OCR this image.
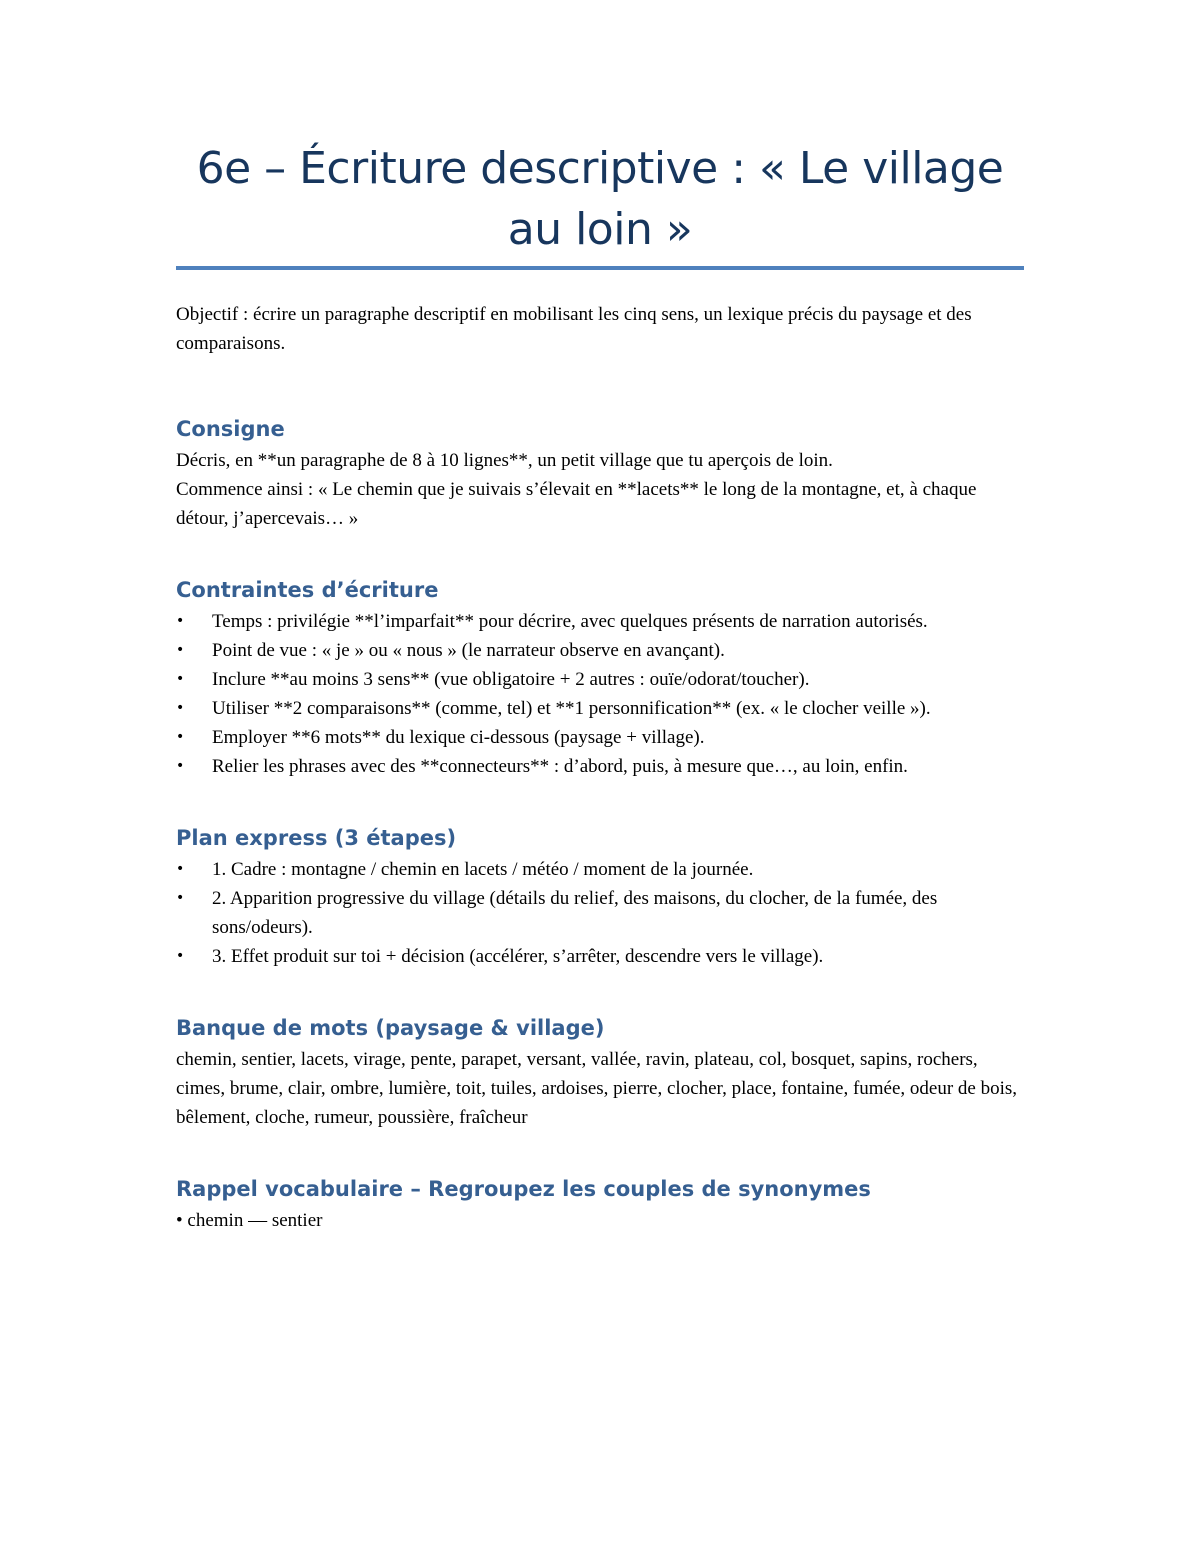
6e – Écriture descriptive : « Le village au loin »

Objectif : écrire un paragraphe descriptif en mobilisant les cinq sens, un lexique précis du paysage et des comparaisons.

Consigne

Décris, en **un paragraphe de 8 à 10 lignes**, un petit village que tu aperçois de loin.
Commence ainsi : « Le chemin que je suivais s’élevait en **lacets** le long de la montagne, et, à chaque détour, j’apercevais… »

Contraintes d’écriture
•	Temps : privilégie **l’imparfait** pour décrire, avec quelques présents de narration autorisés.
•	Point de vue : « je » ou « nous » (le narrateur observe en avançant).
•	Inclure **au moins 3 sens** (vue obligatoire + 2 autres : ouïe/odorat/toucher).
•	Utiliser **2 comparaisons** (comme, tel) et **1 personnification** (ex. « le clocher veille »).
•	Employer **6 mots** du lexique ci-dessous (paysage + village).
•	Relier les phrases avec des **connecteurs** : d’abord, puis, à mesure que…, au loin, enfin.
Plan express (3 étapes)
•	1. Cadre : montagne / chemin en lacets / météo / moment de la journée.
•	2. Apparition progressive du village (détails du relief, des maisons, du clocher, de la fumée, des sons/odeurs).
•	3. Effet produit sur toi + décision (accélérer, s’arrêter, descendre vers le village).
Banque de mots (paysage & village)

chemin, sentier, lacets, virage, pente, parapet, versant, vallée, ravin, plateau, col, bosquet, sapins, rochers, cimes, brume, clair, ombre, lumière, toit, tuiles, ardoises, pierre, clocher, place, fontaine, fumée, odeur de bois, bêlement, cloche, rumeur, poussière, fraîcheur

Rappel vocabulaire – Regroupez les couples de synonymes

• chemin — sentier
